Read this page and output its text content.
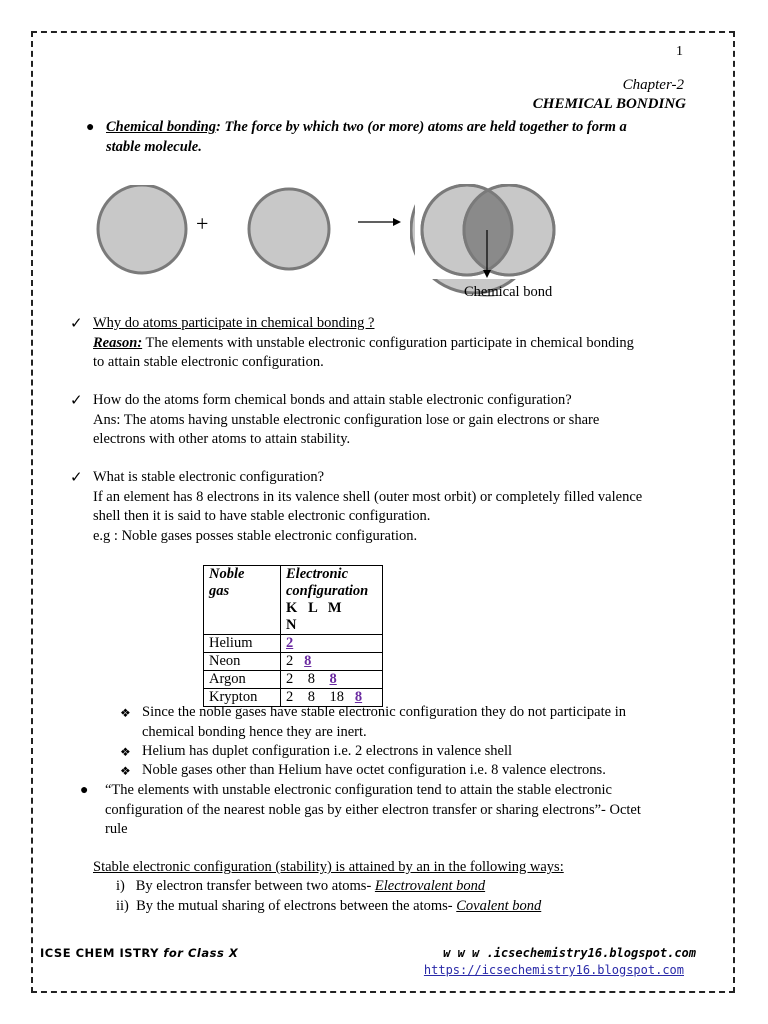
1
Chapter-2
CHEMICAL BONDING
● Chemical bonding: The force by which two (or more) atoms are held together to form a
stable molecule.
+
Chemical bond
✓ Why do atoms participate in chemical bonding ?
Reason: The elements with unstable electronic configuration participate in chemical bonding
to attain stable electronic configuration.
✓ How do the atoms form chemical bonds and attain stable electronic configuration?
Ans: The atoms having unstable electronic configuration lose or gain electrons or share
electrons with other atoms to attain stability.
✓ What is stable electronic configuration?
If an element has 8 electrons in its valence shell (outer most orbit) or completely filled valence
shell then it is said to have stable electronic configuration.
e.g : Noble gases posses stable electronic configuration.
Noble
gas	Electronic
configuration
K   L   M
N
Helium	2
Neon	2   8
Argon	2    8    8
Krypton	2    8    18   8
❖ Since the noble gases have stable electronic configuration they do not participate in
chemical bonding hence they are inert.
❖ Helium has duplet configuration i.e. 2 electrons in valence shell
❖ Noble gases other than Helium have octet configuration i.e. 8 valence electrons.
● “The elements with unstable electronic configuration tend to attain the stable electronic
configuration of the nearest noble gas by either electron transfer or sharing electrons”- Octet
rule
Stable electronic configuration (stability) is attained by an in the following ways:
i) By electron transfer between two atoms- Electrovalent bond
ii) By the mutual sharing of electrons between the atoms- Covalent bond
ICSE CHEM ISTRY for Class X	w w w .icsechemistry16.blogspot.com
https://icsechemistry16.blogspot.com
